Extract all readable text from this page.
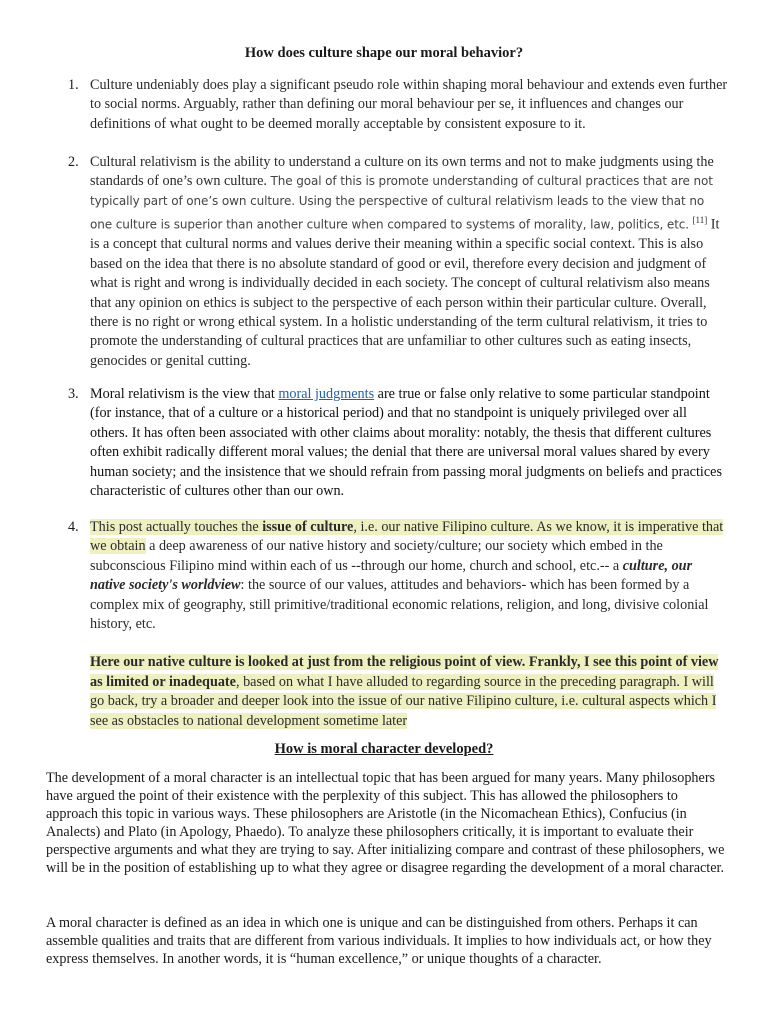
How does culture shape our moral behavior?
1. Culture undeniably does play a significant pseudo role within shaping moral behaviour and extends even further to social norms. Arguably, rather than defining our moral behaviour per se, it influences and changes our definitions of what ought to be deemed morally acceptable by consistent exposure to it.
2. Cultural relativism is the ability to understand a culture on its own terms and not to make judgments using the standards of one’s own culture. The goal of this is promote understanding of cultural practices that are not typically part of one’s own culture. Using the perspective of cultural relativism leads to the view that no one culture is superior than another culture when compared to systems of morality, law, politics, etc. [11] It is a concept that cultural norms and values derive their meaning within a specific social context. This is also based on the idea that there is no absolute standard of good or evil, therefore every decision and judgment of what is right and wrong is individually decided in each society. The concept of cultural relativism also means that any opinion on ethics is subject to the perspective of each person within their particular culture. Overall, there is no right or wrong ethical system. In a holistic understanding of the term cultural relativism, it tries to promote the understanding of cultural practices that are unfamiliar to other cultures such as eating insects, genocides or genital cutting.
3. Moral relativism is the view that moral judgments are true or false only relative to some particular standpoint (for instance, that of a culture or a historical period) and that no standpoint is uniquely privileged over all others. It has often been associated with other claims about morality: notably, the thesis that different cultures often exhibit radically different moral values; the denial that there are universal moral values shared by every human society; and the insistence that we should refrain from passing moral judgments on beliefs and practices characteristic of cultures other than our own.
4. This post actually touches the issue of culture, i.e. our native Filipino culture. As we know, it is imperative that we obtain a deep awareness of our native history and society/culture; our society which embed in the subconscious Filipino mind within each of us --through our home, church and school, etc.-- a culture, our native society's worldview: the source of our values, attitudes and behaviors- which has been formed by a complex mix of geography, still primitive/traditional economic relations, religion, and long, divisive colonial history, etc.
Here our native culture is looked at just from the religious point of view. Frankly, I see this point of view as limited or inadequate, based on what I have alluded to regarding source in the preceding paragraph. I will go back, try a broader and deeper look into the issue of our native Filipino culture, i.e. cultural aspects which I see as obstacles to national development sometime later
How is moral character developed?
The development of a moral character is an intellectual topic that has been argued for many years. Many philosophers have argued the point of their existence with the perplexity of this subject. This has allowed the philosophers to approach this topic in various ways. These philosophers are Aristotle (in the Nicomachean Ethics), Confucius (in Analects) and Plato (in Apology, Phaedo). To analyze these philosophers critically, it is important to evaluate their perspective arguments and what they are trying to say. After initializing compare and contrast of these philosophers, we will be in the position of establishing up to what they agree or disagree regarding the development of a moral character.
A moral character is defined as an idea in which one is unique and can be distinguished from others. Perhaps it can assemble qualities and traits that are different from various individuals. It implies to how individuals act, or how they express themselves. In another words, it is “human excellence,” or unique thoughts of a character.
